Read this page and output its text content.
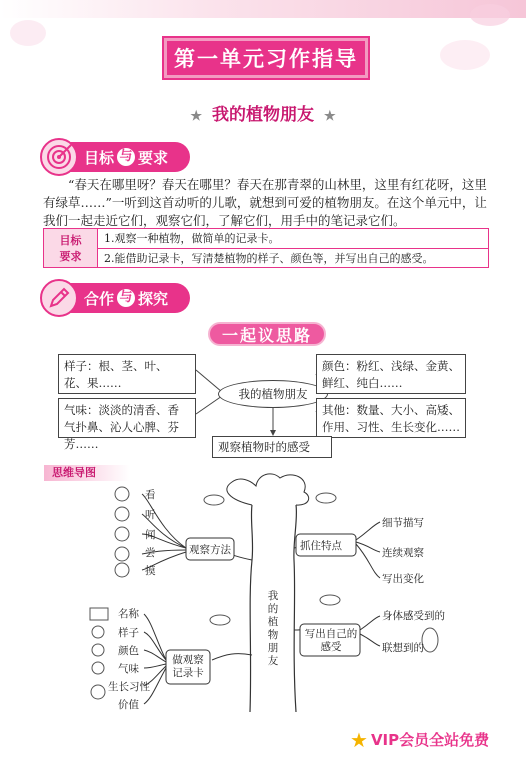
第一单元习作指导
★ 我的植物朋友 ★
目标 与 要求

“春天在哪里呀？春天在哪里？春天在那青翠的山林里，这里有红花呀，这里有绿草……”一听到这首动听的儿歌，就想到可爱的植物朋友。在这个单元中，让我们一起走近它们，观察它们，了解它们，用手中的笔记录它们。

目标
要求
1.观察一种植物，做简单的记录卡。
2.能借助记录卡，写清楚植物的样子、颜色等，并写出自己的感受。
合作 与 探究
一起议思路
样子：根、茎、叶、花、果……
气味：淡淡的清香、香气扑鼻、沁人心脾、芬芳……
我的植物朋友
颜色：粉红、浅绿、金黄、鲜红、纯白……
其他：数量、大小、高矮、作用、习性、生长变化……
观察植物时的感受
思维导图
看
听
闻
尝
摸
观察方法	抓住特点
细节描写
连续观察
写出变化
写出自己的感受
身体感受到的
联想到的
做观察记录卡
名称
样子
颜色
气味
生长习性
价值
我
的
植
物
朋
友
★ VIP会员全站免费
